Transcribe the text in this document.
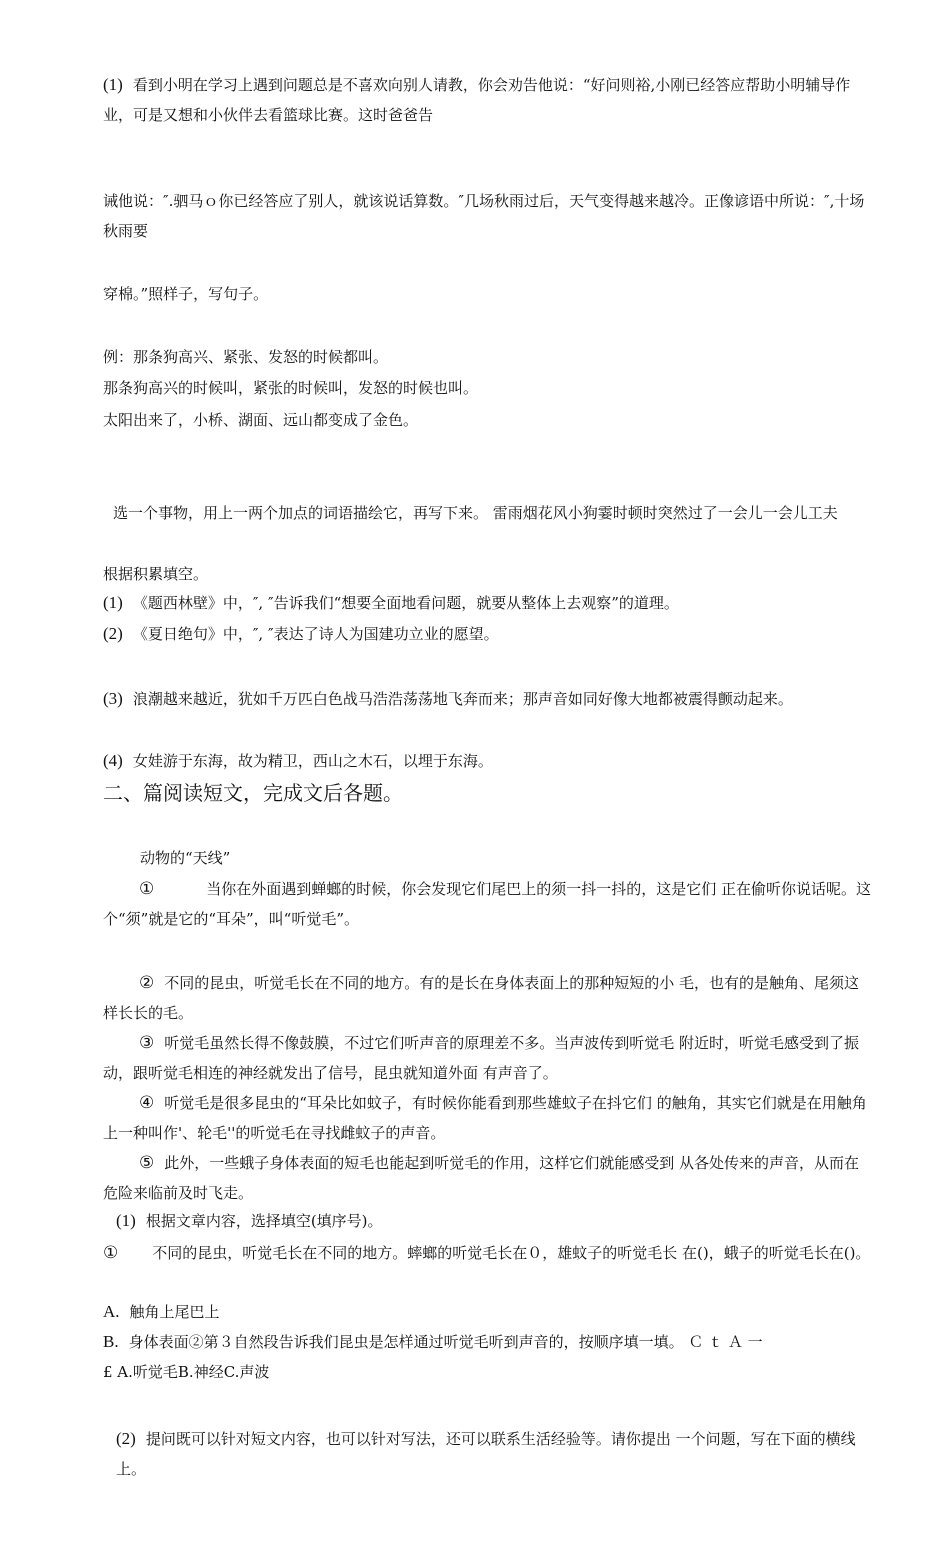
(1) 看到小明在学习上遇到问题总是不喜欢向别人请教，你会劝告他说：“好问则裕,小刚已经答应帮助小明辅导作业，可是又想和小伙伴去看篮球比赛。这时爸爸告
诫他说：″.驷马ｏ你已经答应了别人，就该说话算数。″几场秋雨过后，天气变得越来越冷。正像谚语中所说：″,十场秋雨要
穿棉。”照样子，写句子。
例：那条狗高兴、紧张、发怒的时候都叫。
那条狗高兴的时候叫，紧张的时候叫，发怒的时候也叫。
太阳出来了，小桥、湖面、远山都变成了金色。
选一个事物，用上一两个加点的词语描绘它，再写下来。 雷雨烟花风小狗霎时顿时突然过了一会儿一会儿工夫
根据积累填空。
(1) 《题西林壁》中，″, ″告诉我们“想要全面地看问题，就要从整体上去观察”的道理。
(2) 《夏日绝句》中，″, ″表达了诗人为国建功立业的愿望。
(3) 浪潮越来越近，犹如千万匹白色战马浩浩荡荡地飞奔而来；那声音如同好像大地都被震得颤动起来。
(4) 女娃游于东海，故为精卫，西山之木石，以埋于东海。
二、篇阅读短文，完成文后各题。
动物的“天线”
①	当你在外面遇到蝉螂的时候，你会发现它们尾巴上的须一抖一抖的，这是它们 正在偷听你说话呢。这个“须”就是它的“耳朵”，叫“听觉毛”。
② 不同的昆虫，听觉毛长在不同的地方。有的是长在身体表面上的那种短短的小 毛，也有的是触角、尾须这样长长的毛。
③ 听觉毛虽然长得不像鼓膜，不过它们听声音的原理差不多。当声波传到听觉毛 附近时，听觉毛感受到了振动，跟听觉毛相连的神经就发出了信号，昆虫就知道外面 有声音了。
④ 听觉毛是很多昆虫的“耳朵比如蚊子，有时候你能看到那些雄蚊子在抖它们 的触角，其实它们就是在用触角上一种叫作'、轮毛''的听觉毛在寻找雌蚊子的声音。
⑤ 此外，一些蛾子身体表面的短毛也能起到听觉毛的作用，这样它们就能感受到 从各处传来的声音，从而在危险来临前及时飞走。
(1) 根据文章内容，选择填空(填序号)。
① 不同的昆虫，听觉毛长在不同的地方。蟀螂的听觉毛长在０，雄蚊子的听觉毛长 在()，蛾子的听觉毛长在()。
A. 触角上尾巴上
B. 身体表面②第３自然段告诉我们昆虫是怎样通过听觉毛听到声音的，按顺序填一填。 Ｃ ｔ Ａ 一
£ A.听觉毛B.神经C.声波
(2) 提问既可以针对短文内容，也可以针对写法，还可以联系生活经验等。请你提出 一个问题，写在下面的横线上。
